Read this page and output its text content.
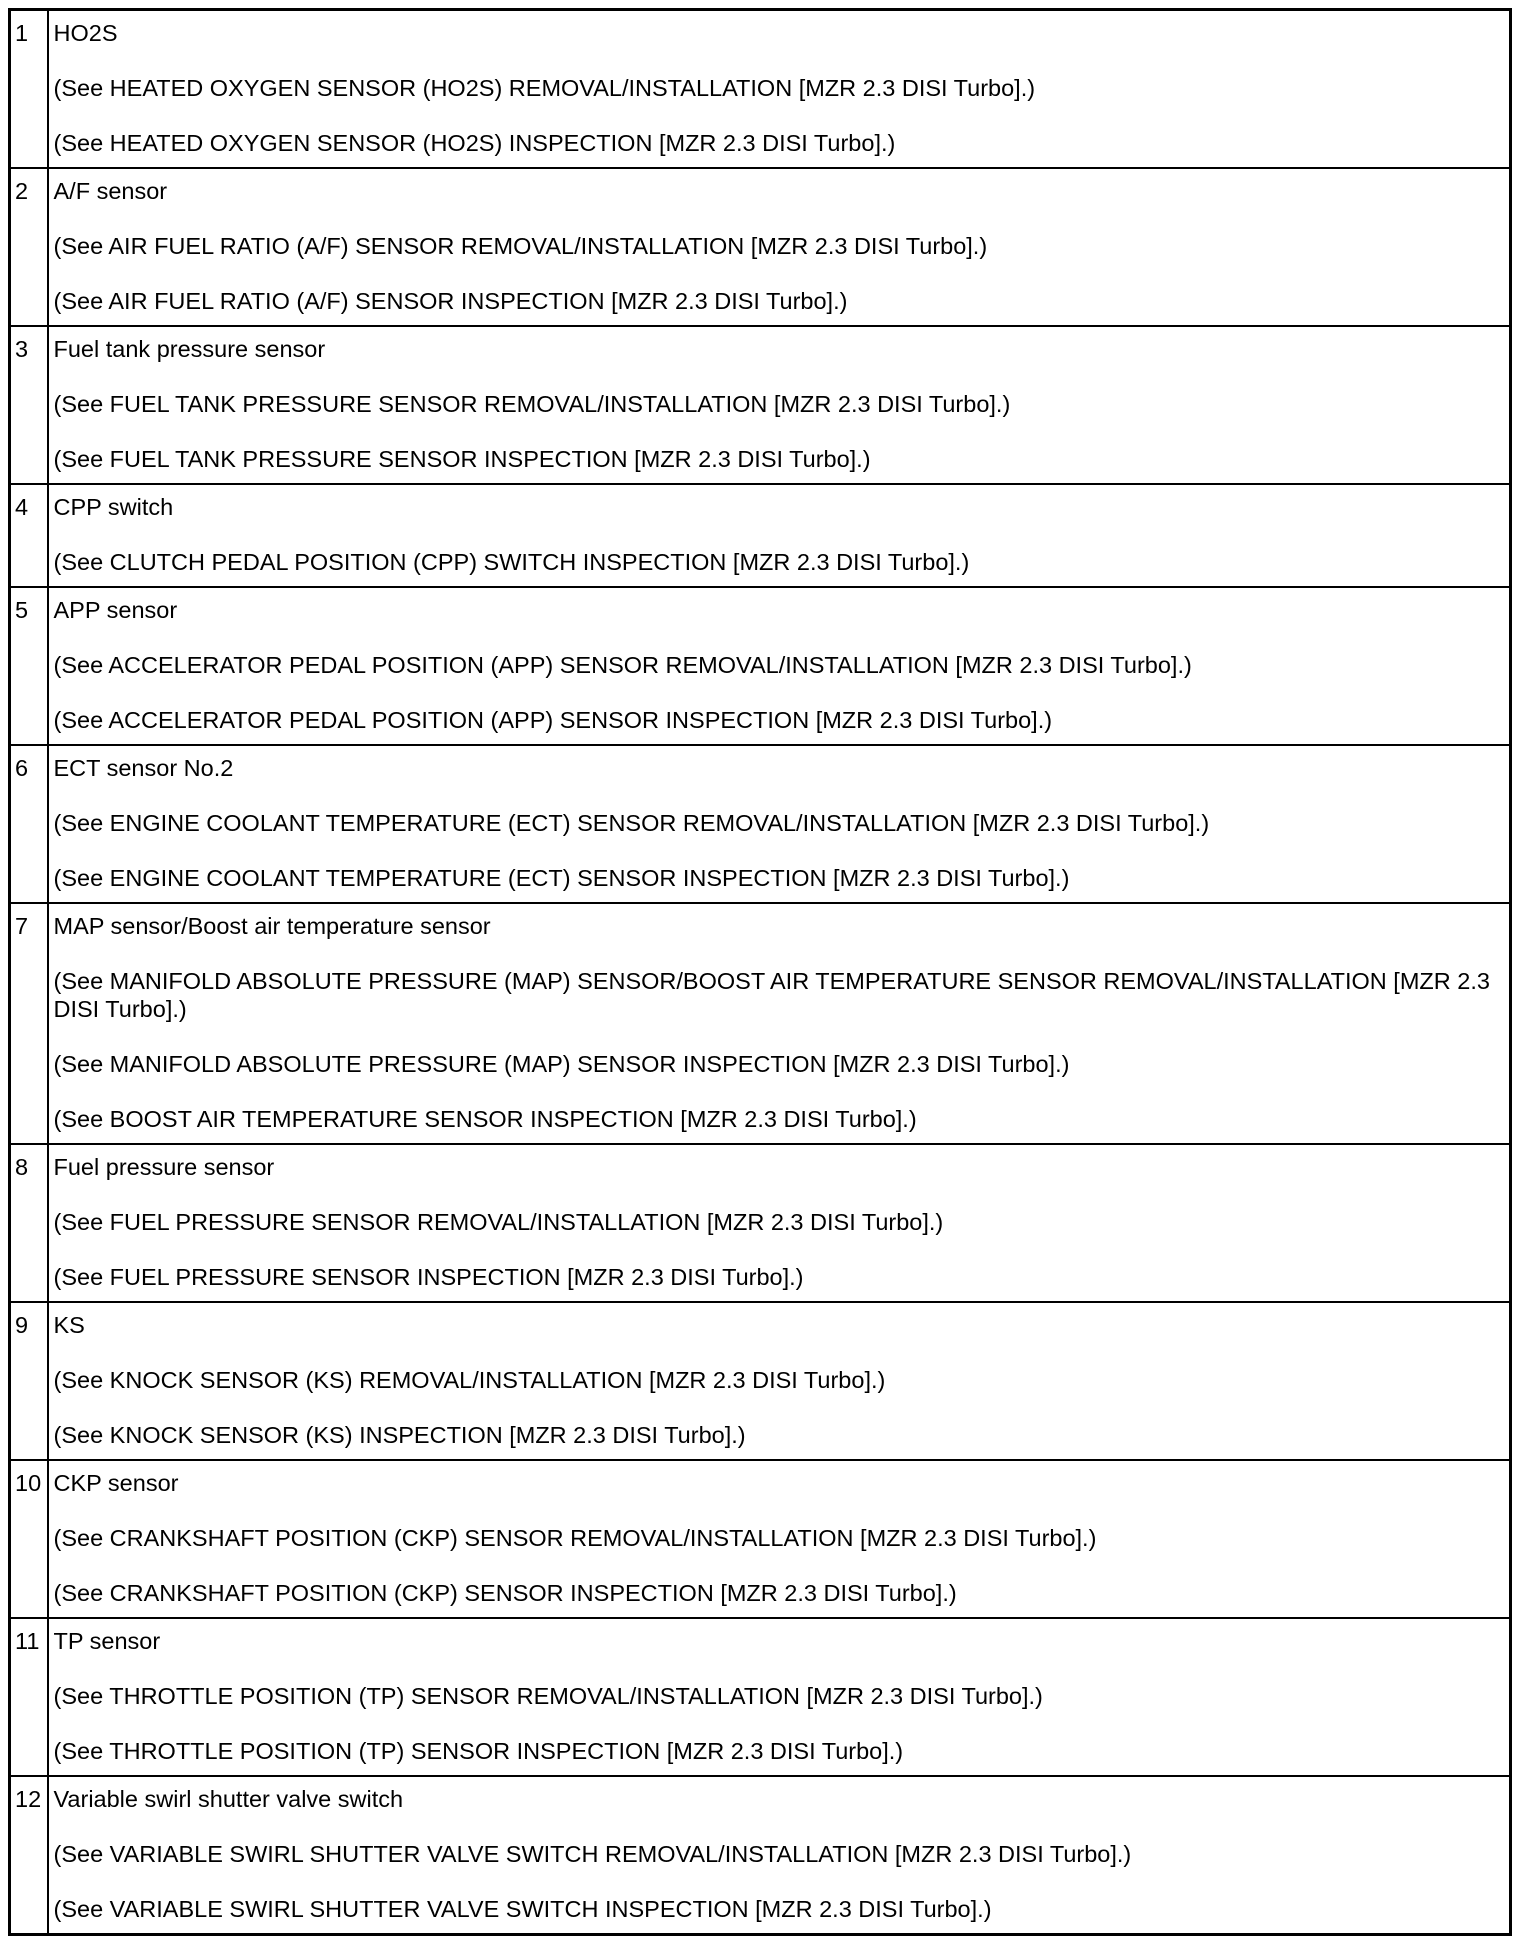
1	HO2S
(See HEATED OXYGEN SENSOR (HO2S) REMOVAL/INSTALLATION [MZR 2.3 DISI Turbo].)
(See HEATED OXYGEN SENSOR (HO2S) INSPECTION [MZR 2.3 DISI Turbo].)

2	A/F sensor
(See AIR FUEL RATIO (A/F) SENSOR REMOVAL/INSTALLATION [MZR 2.3 DISI Turbo].)
(See AIR FUEL RATIO (A/F) SENSOR INSPECTION [MZR 2.3 DISI Turbo].)

3	Fuel tank pressure sensor
(See FUEL TANK PRESSURE SENSOR REMOVAL/INSTALLATION [MZR 2.3 DISI Turbo].)
(See FUEL TANK PRESSURE SENSOR INSPECTION [MZR 2.3 DISI Turbo].)

4	CPP switch
(See CLUTCH PEDAL POSITION (CPP) SWITCH INSPECTION [MZR 2.3 DISI Turbo].)

5	APP sensor
(See ACCELERATOR PEDAL POSITION (APP) SENSOR REMOVAL/INSTALLATION [MZR 2.3 DISI Turbo].)
(See ACCELERATOR PEDAL POSITION (APP) SENSOR INSPECTION [MZR 2.3 DISI Turbo].)

6	ECT sensor No.2
(See ENGINE COOLANT TEMPERATURE (ECT) SENSOR REMOVAL/INSTALLATION [MZR 2.3 DISI Turbo].)
(See ENGINE COOLANT TEMPERATURE (ECT) SENSOR INSPECTION [MZR 2.3 DISI Turbo].)

7	MAP sensor/Boost air temperature sensor
(See MANIFOLD ABSOLUTE PRESSURE (MAP) SENSOR/BOOST AIR TEMPERATURE SENSOR REMOVAL/INSTALLATION [MZR 2.3 DISI Turbo].)
(See MANIFOLD ABSOLUTE PRESSURE (MAP) SENSOR INSPECTION [MZR 2.3 DISI Turbo].)
(See BOOST AIR TEMPERATURE SENSOR INSPECTION [MZR 2.3 DISI Turbo].)

8	Fuel pressure sensor
(See FUEL PRESSURE SENSOR REMOVAL/INSTALLATION [MZR 2.3 DISI Turbo].)
(See FUEL PRESSURE SENSOR INSPECTION [MZR 2.3 DISI Turbo].)

9	KS
(See KNOCK SENSOR (KS) REMOVAL/INSTALLATION [MZR 2.3 DISI Turbo].)
(See KNOCK SENSOR (KS) INSPECTION [MZR 2.3 DISI Turbo].)

10	CKP sensor
(See CRANKSHAFT POSITION (CKP) SENSOR REMOVAL/INSTALLATION [MZR 2.3 DISI Turbo].)
(See CRANKSHAFT POSITION (CKP) SENSOR INSPECTION [MZR 2.3 DISI Turbo].)

11	TP sensor
(See THROTTLE POSITION (TP) SENSOR REMOVAL/INSTALLATION [MZR 2.3 DISI Turbo].)
(See THROTTLE POSITION (TP) SENSOR INSPECTION [MZR 2.3 DISI Turbo].)

12	Variable swirl shutter valve switch
(See VARIABLE SWIRL SHUTTER VALVE SWITCH REMOVAL/INSTALLATION [MZR 2.3 DISI Turbo].)
(See VARIABLE SWIRL SHUTTER VALVE SWITCH INSPECTION [MZR 2.3 DISI Turbo].)
